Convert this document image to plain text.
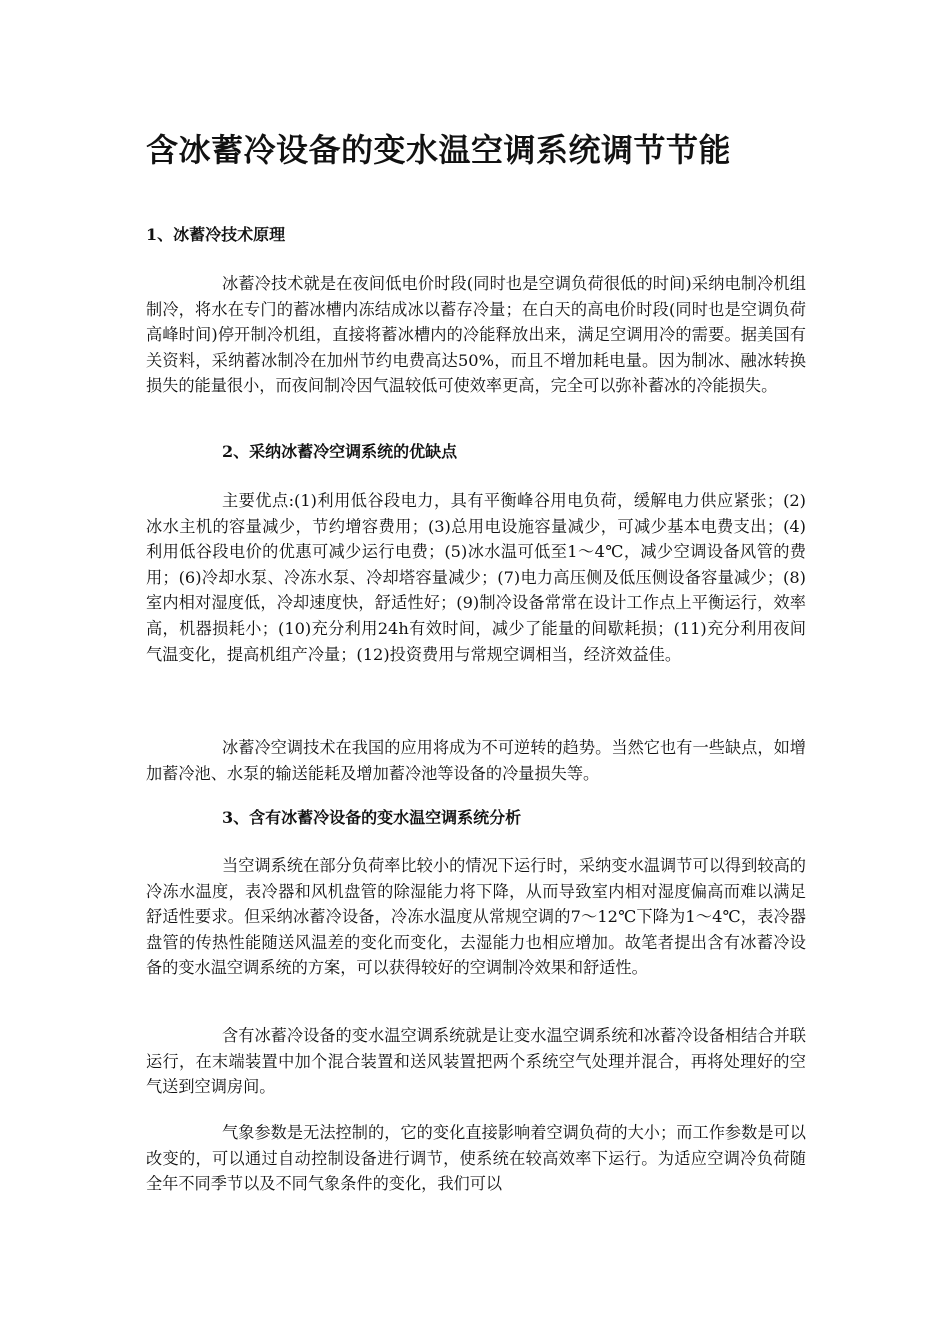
含冰蓄冷设备的变水温空调系统调节节能
1、冰蓄冷技术原理

冰蓄冷技术就是在夜间低电价时段(同时也是空调负荷很低的时间)采纳电制冷机组制冷，将水在专门的蓄冰槽内冻结成冰以蓄存冷量；在白天的高电价时段(同时也是空调负荷高峰时间)停开制冷机组，直接将蓄冰槽内的冷能释放出来，满足空调用冷的需要。据美国有关资料，采纳蓄冰制冷在加州节约电费高达50%，而且不增加耗电量。因为制冰、融冰转换损失的能量很小，而夜间制冷因气温较低可使效率更高，完全可以弥补蓄冰的冷能损失。

2、采纳冰蓄冷空调系统的优缺点

主要优点:(1)利用低谷段电力，具有平衡峰谷用电负荷，缓解电力供应紧张；(2)冰水主机的容量减少，节约增容费用；(3)总用电设施容量减少，可减少基本电费支出；(4)利用低谷段电价的优惠可减少运行电费；(5)冰水温可低至1～4℃，减少空调设备风管的费用；(6)冷却水泵、冷冻水泵、冷却塔容量减少；(7)电力高压侧及低压侧设备容量减少；(8)室内相对湿度低，冷却速度快，舒适性好；(9)制冷设备常常在设计工作点上平衡运行，效率高，机器损耗小；(10)充分利用24h有效时间，减少了能量的间歇耗损；(11)充分利用夜间气温变化，提高机组产冷量；(12)投资费用与常规空调相当，经济效益佳。

冰蓄冷空调技术在我国的应用将成为不可逆转的趋势。当然它也有一些缺点，如增加蓄冷池、水泵的输送能耗及增加蓄冷池等设备的冷量损失等。

3、含有冰蓄冷设备的变水温空调系统分析

当空调系统在部分负荷率比较小的情况下运行时，采纳变水温调节可以得到较高的冷冻水温度，表冷器和风机盘管的除湿能力将下降，从而导致室内相对湿度偏高而难以满足舒适性要求。但采纳冰蓄冷设备，冷冻水温度从常规空调的7～12℃下降为1～4℃，表冷器盘管的传热性能随送风温差的变化而变化，去湿能力也相应增加。故笔者提出含有冰蓄冷设备的变水温空调系统的方案，可以获得较好的空调制冷效果和舒适性。

含有冰蓄冷设备的变水温空调系统就是让变水温空调系统和冰蓄冷设备相结合并联运行，在末端装置中加个混合装置和送风装置把两个系统空气处理并混合，再将处理好的空气送到空调房间。

气象参数是无法控制的，它的变化直接影响着空调负荷的大小；而工作参数是可以改变的，可以通过自动控制设备进行调节，使系统在较高效率下运行。为适应空调冷负荷随全年不同季节以及不同气象条件的变化，我们可以
